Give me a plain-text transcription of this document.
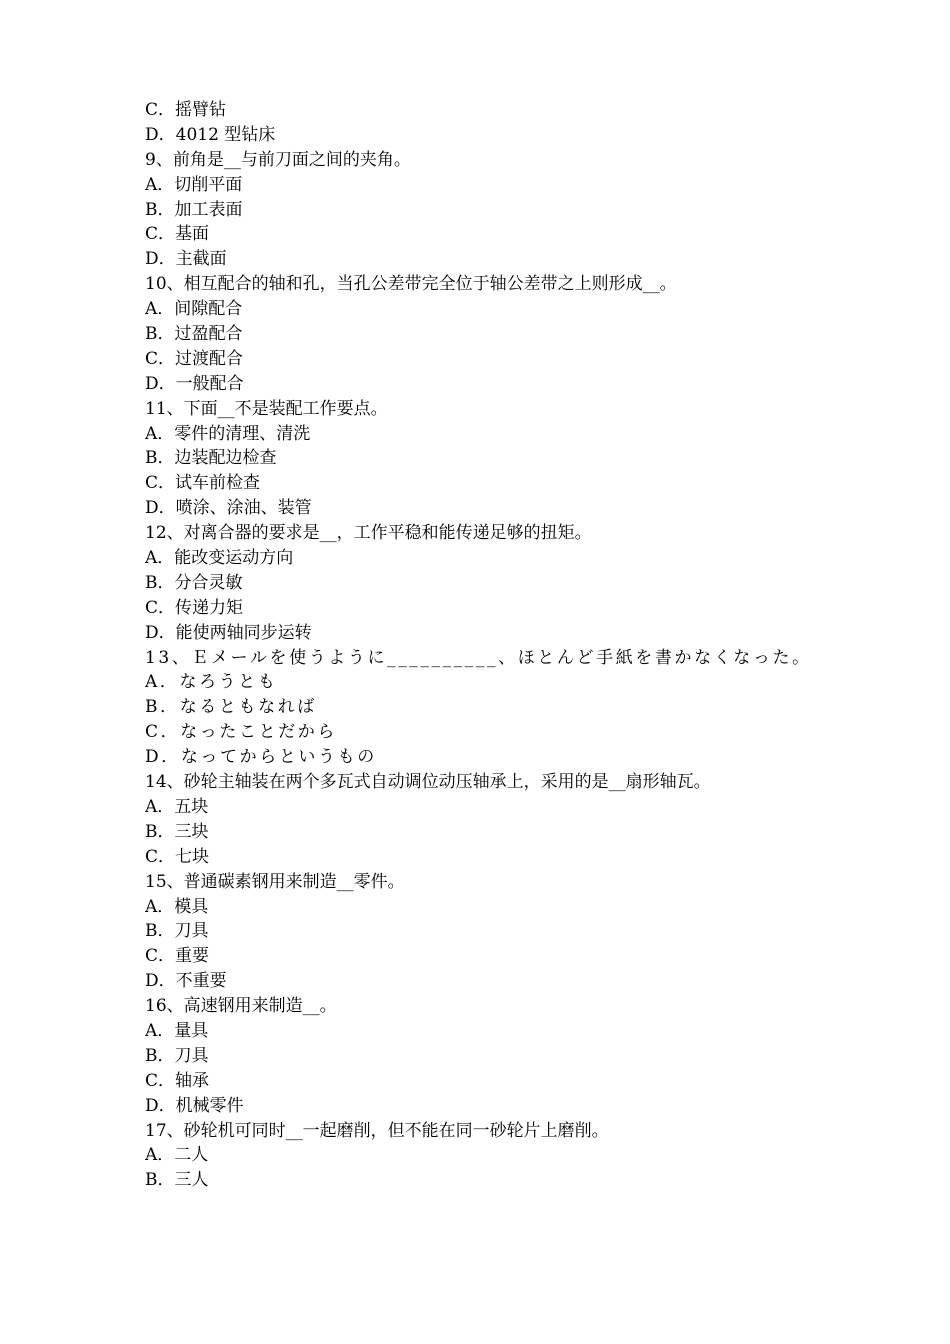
C．摇臂钻
D．4012 型钻床
9、前角是__与前刀面之间的夹角。
A．切削平面
B．加工表面
C．基面
D．主截面
10、相互配合的轴和孔，当孔公差带完全位于轴公差带之上则形成__。
A．间隙配合
B．过盈配合
C．过渡配合
D．一般配合
11、下面__不是装配工作要点。
A．零件的清理、清洗
B．边装配边检查
C．试车前检查
D．喷涂、涂油、装管
12、对离合器的要求是__，工作平稳和能传递足够的扭矩。
A．能改变运动方向
B．分合灵敏
C．传递力矩
D．能使两轴同步运转
13、Ｅメールを使うように__________、ほとんど手紙を書かなくなった。
A．なろうとも
B．なるともなれば
C．なったことだから
D．なってからというもの
14、砂轮主轴装在两个多瓦式自动调位动压轴承上，采用的是__扇形轴瓦。
A．五块
B．三块
C．七块
15、普通碳素钢用来制造__零件。
A．模具
B．刀具
C．重要
D．不重要
16、高速钢用来制造__。
A．量具
B．刀具
C．轴承
D．机械零件
17、砂轮机可同时__一起磨削，但不能在同一砂轮片上磨削。
A．二人
B．三人
